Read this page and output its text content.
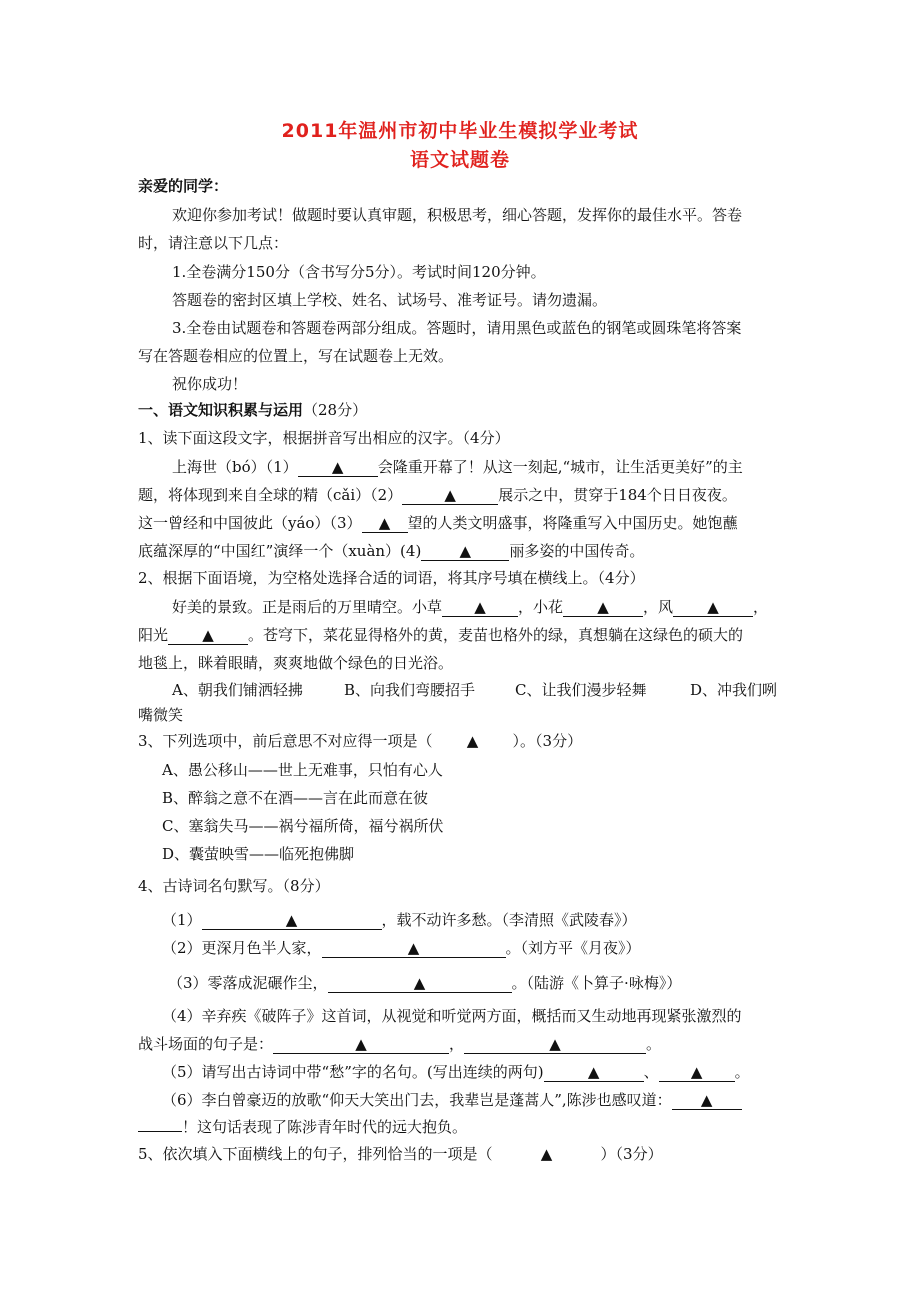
2011年温州市初中毕业生模拟学业考试
语文试题卷
亲爱的同学：
欢迎你参加考试！做题时要认真审题，积极思考，细心答题，发挥你的最佳水平。答卷
时，请注意以下几点：
1.全卷满分150分（含书写分5分）。考试时间120分钟。
答题卷的密封区填上学校、姓名、试场号、准考证号。请勿遗漏。
3.全卷由试题卷和答题卷两部分组成。答题时，请用黑色或蓝色的钢笔或圆珠笔将答案
写在答题卷相应的位置上，写在试题卷上无效。
祝你成功！
一、语文知识积累与运用（28分）
1、读下面这段文字，根据拼音写出相应的汉字。（4分）
上海世（bó）（1） ▲ 会隆重开幕了！从这一刻起,“城市，让生活更美好”的主
题，将体现到来自全球的精（cǎi）（2）	▲	展示之中，贯穿于184个日日夜夜。
这一曾经和中国彼此（yáo）（3） ▲ 望的人类文明盛事，将隆重写入中国历史。她饱蘸
底蕴深厚的“中国红”演绎一个（xuàn）(4)	▲	丽多姿的中国传奇。
2、根据下面语境，为空格处选择合适的词语，将其序号填在横线上。（4分）
好美的景致。正是雨后的万里晴空。小草 ▲ ，小花 ▲ ，风 ▲ ，
阳光 ▲ 。苍穹下，菜花显得格外的黄，麦苗也格外的绿，真想躺在这绿色的硕大的
地毯上，眯着眼睛，爽爽地做个绿色的日光浴。
A、朝我们铺洒轻拂	B、向我们弯腰招手	C、让我们漫步轻舞	D、冲我们咧
嘴微笑
3、下列选项中，前后意思不对应得一项是（ ▲ ）。（3分）
A、愚公移山——世上无难事，只怕有心人
B、醉翁之意不在酒——言在此而意在彼
C、塞翁失马——祸兮福所倚，福兮祸所伏
D、囊萤映雪——临死抱佛脚
4、古诗词名句默写。（8分）
（1）	▲	，载不动许多愁。（李清照《武陵春》）
（2）更深月色半人家，	▲	。（刘方平《月夜》）
（3）零落成泥碾作尘，	▲	。（陆游《卜算子·咏梅》）
（4）辛弃疾《破阵子》这首词，从视觉和听觉两方面，概括而又生动地再现紧张激烈的
战斗场面的句子是：	▲	，	▲	。
（5）请写出古诗词中带“愁”字的名句。(写出连续的两句)	▲	、 ▲ 。
（6）李白曾豪迈的放歌“仰天大笑出门去，我辈岂是蓬蒿人”,陈涉也感叹道： ▲
！这句话表现了陈涉青年时代的远大抱负。
5、依次填入下面横线上的句子，排列恰当的一项是（	▲	）（3分）
